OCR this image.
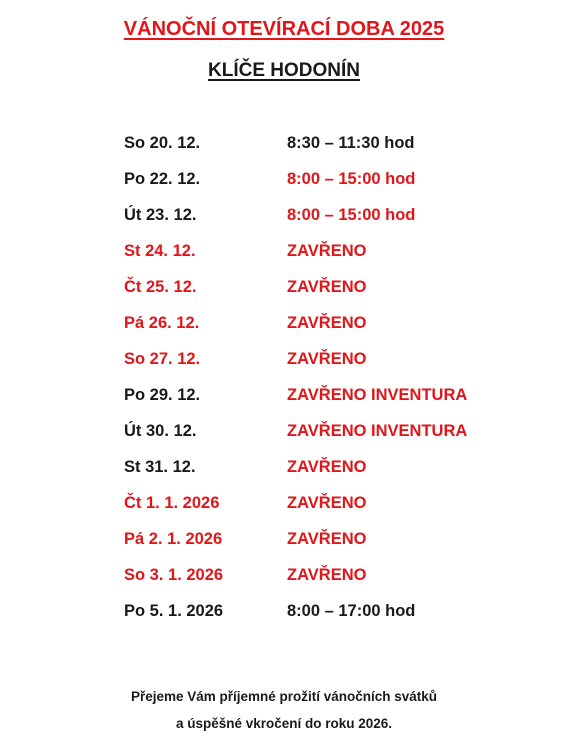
VÁNOČNÍ OTEVÍRACÍ DOBA 2025
KLÍČE HODONÍN
So 20. 12.	8:30 – 11:30 hod
Po 22. 12.	8:00 – 15:00 hod
Út 23. 12.	8:00 – 15:00 hod
St 24. 12.	ZAVŘENO
Čt 25. 12.	ZAVŘENO
Pá 26. 12.	ZAVŘENO
So 27. 12.	ZAVŘENO
Po 29. 12.	ZAVŘENO INVENTURA
Út 30. 12.	ZAVŘENO INVENTURA
St 31. 12.	ZAVŘENO
Čt 1. 1. 2026	ZAVŘENO
Pá 2. 1. 2026	ZAVŘENO
So 3. 1. 2026	ZAVŘENO
Po 5. 1. 2026	8:00 – 17:00 hod
Přejeme Vám příjemné prožití vánočních svátků
a úspěšné vkročení do roku 2026.
